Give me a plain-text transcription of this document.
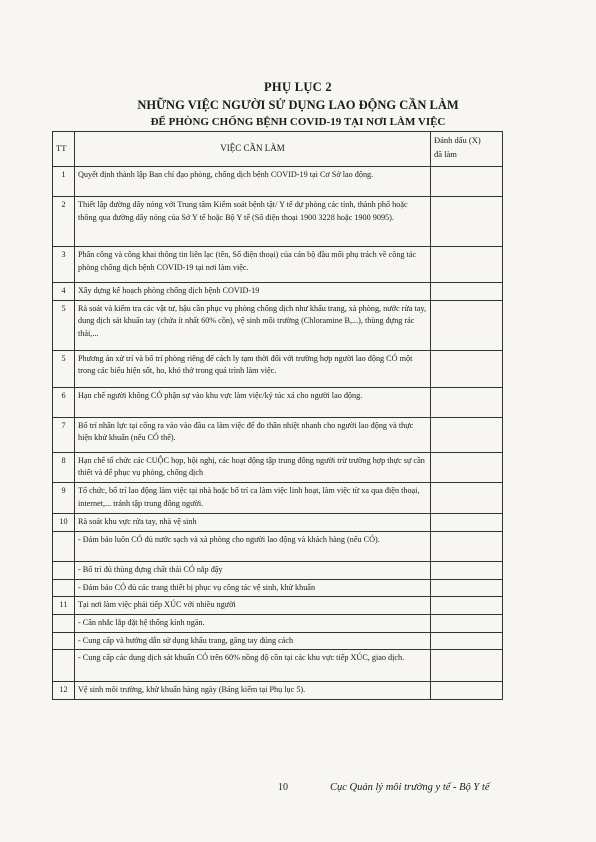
PHỤ LỤC 2
NHỮNG VIỆC NGƯỜI SỬ DỤNG LAO ĐỘNG CẦN LÀM
ĐỂ PHÒNG CHỐNG BỆNH COVID-19 TẠI NƠI LÀM VIỆC
TT	VIỆC CẦN LÀM	Đánh dấu (X)
đã làm
1	Quyết định thành lập Ban chỉ đạo phòng, chống dịch bệnh COVID-19 tại Cơ Sở lao động.	
2	Thiết lập đường dây nóng với Trung tâm Kiểm soát bệnh tật/ Y tế dự phòng các tỉnh, thành phố hoặc thông qua đường dây nóng của Sở Y tế hoặc Bộ Y tế (Số điện thoại 1900 3228 hoặc 1900 9095).	
3	Phân công và công khai thông tin liên lạc (tên, Số điện thoại) của cán bộ đầu mối phụ trách về công tác phòng chống dịch bệnh COVID-19 tại nơi làm việc.	
4	Xây dựng kế hoạch phòng chống dịch bệnh COVID-19	
5	Rà soát và kiểm tra các vật tư, hậu cần phục vụ phòng chống dịch như khẩu trang, xà phòng, nước rửa tay, dung dịch sát khuẩn tay (chứa ít nhất 60% cồn), vệ sinh môi trường (Chloramine B,...), thùng đựng rác thải,...	
5	Phương án xử trí và bố trí phòng riêng để cách ly tạm thời đối với trường hợp người lao động CÓ một trong các biểu hiện sốt, ho, khó thở trong quá trình làm việc.	
6	Hạn chế người không CÓ phận sự vào khu vực làm việc/ký túc xá cho người lao động.	
7	Bố trí nhân lực tại cổng ra vào vào đầu ca làm việc để đo thân nhiệt nhanh cho người lao động và thực hiện khử khuẩn (nếu CÓ thể).	
8	Hạn chế tổ chức các CUỘC họp, hội nghị, các hoạt động tập trung đông người trừ trường hợp thực sự cần thiết và để phục vụ phòng, chống dịch	
9	Tổ chức, bố trí lao động làm việc tại nhà hoặc bố trí ca làm việc linh hoạt, làm việc từ xa qua điện thoại, internet,... tránh tập trung đông người.	
10	Rà soát khu vực rửa tay, nhà vệ sinh	
	- Đảm bảo luôn CÓ đủ nước sạch và xà phòng cho người lao động và khách hàng (nếu CÓ).	
	- Bố trí đủ thùng đựng chất thải CÓ nắp đậy	
	- Đảm bảo CÓ đủ các trang thiết bị phục vụ công tác vệ sinh, khử khuẩn	
11	Tại nơi làm việc phải tiếp XÚC với nhiều người	
	- Cân nhắc lắp đặt hệ thống kính ngăn.	
	- Cung cấp và hướng dẫn sử dụng khẩu trang, găng tay đúng cách	
	- Cung cấp các dung dịch sát khuẩn CÓ trên 60% nồng độ cồn tại các khu vực tiếp XÚC, giao dịch.	
12	Vệ sinh môi trường, khử khuẩn hàng ngày (Bảng kiểm tại Phụ lục 5).	
10	Cục Quản lý môi trường y tế - Bộ Y tế
